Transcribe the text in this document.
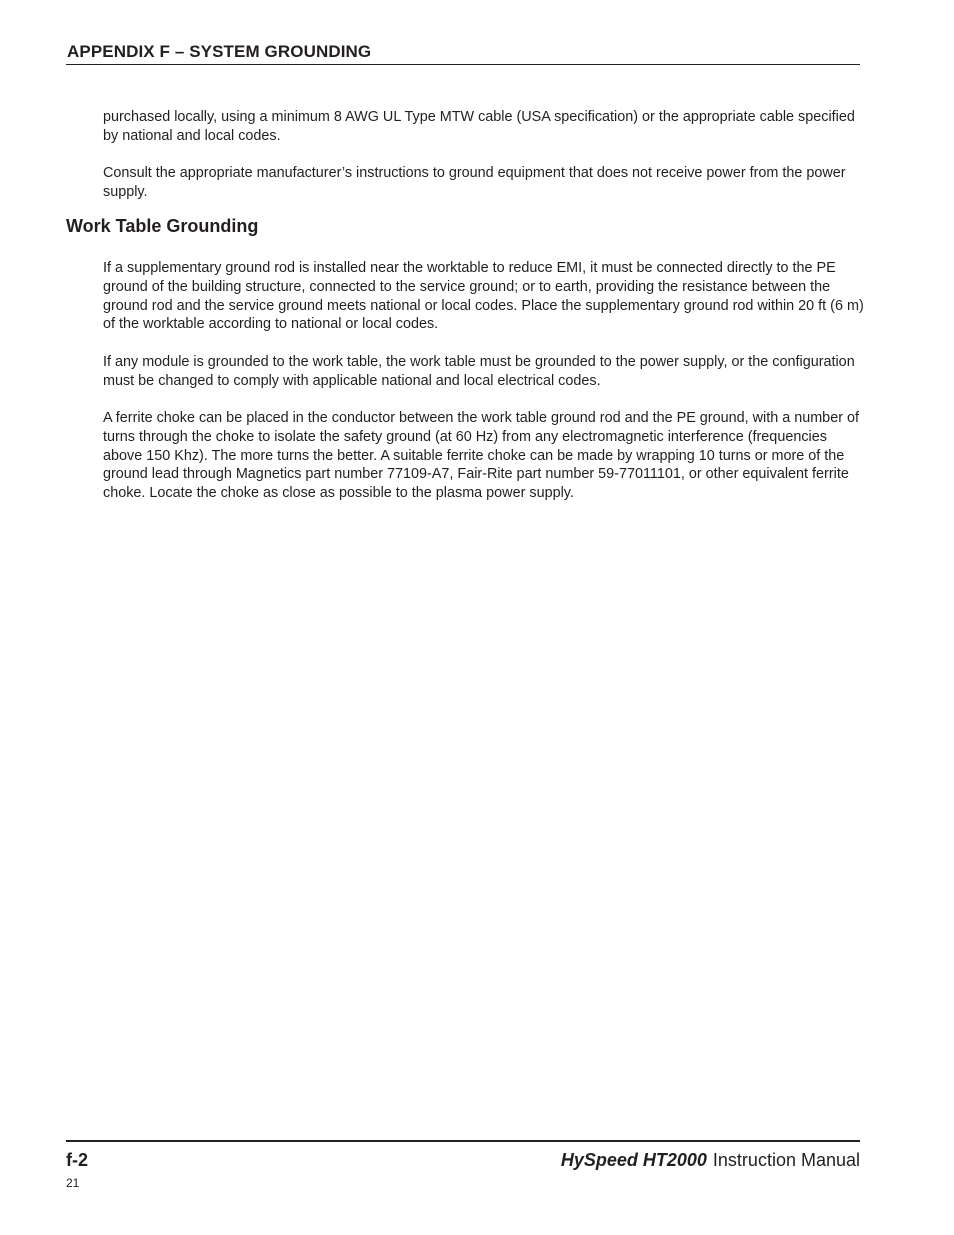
APPENDIX F – SYSTEM GROUNDING

purchased locally, using a minimum 8 AWG UL Type MTW cable (USA specification) or the appropriate cable specified by national and local codes.

Consult the appropriate manufacturer’s instructions to ground equipment that does not receive power from the power supply.

Work Table Grounding

If a supplementary ground rod is installed near the worktable to reduce EMI, it must be connected directly to the PE ground of the building structure, connected to the service ground; or to earth, providing the resistance between the ground rod and the service ground meets national or local codes. Place the supplementary ground rod within 20 ft (6 m) of the worktable according to national or local codes.

If any module is grounded to the work table, the work table must be grounded to the power supply, or the configuration must be changed to comply with applicable national and local electrical codes.

A ferrite choke can be placed in the conductor between the work table ground rod and the PE ground, with a number of turns through the choke to isolate the safety ground (at 60 Hz) from any electromagnetic interference (frequencies above 150 Khz). The more turns the better. A suitable ferrite choke can be made by wrapping 10 turns or more of the ground lead through Magnetics part number 77109-A7, Fair-Rite part number 59-77011101, or other equivalent ferrite choke. Locate the choke as close as possible to the plasma power supply.

f-2	HySpeed HT2000 Instruction Manual
21
